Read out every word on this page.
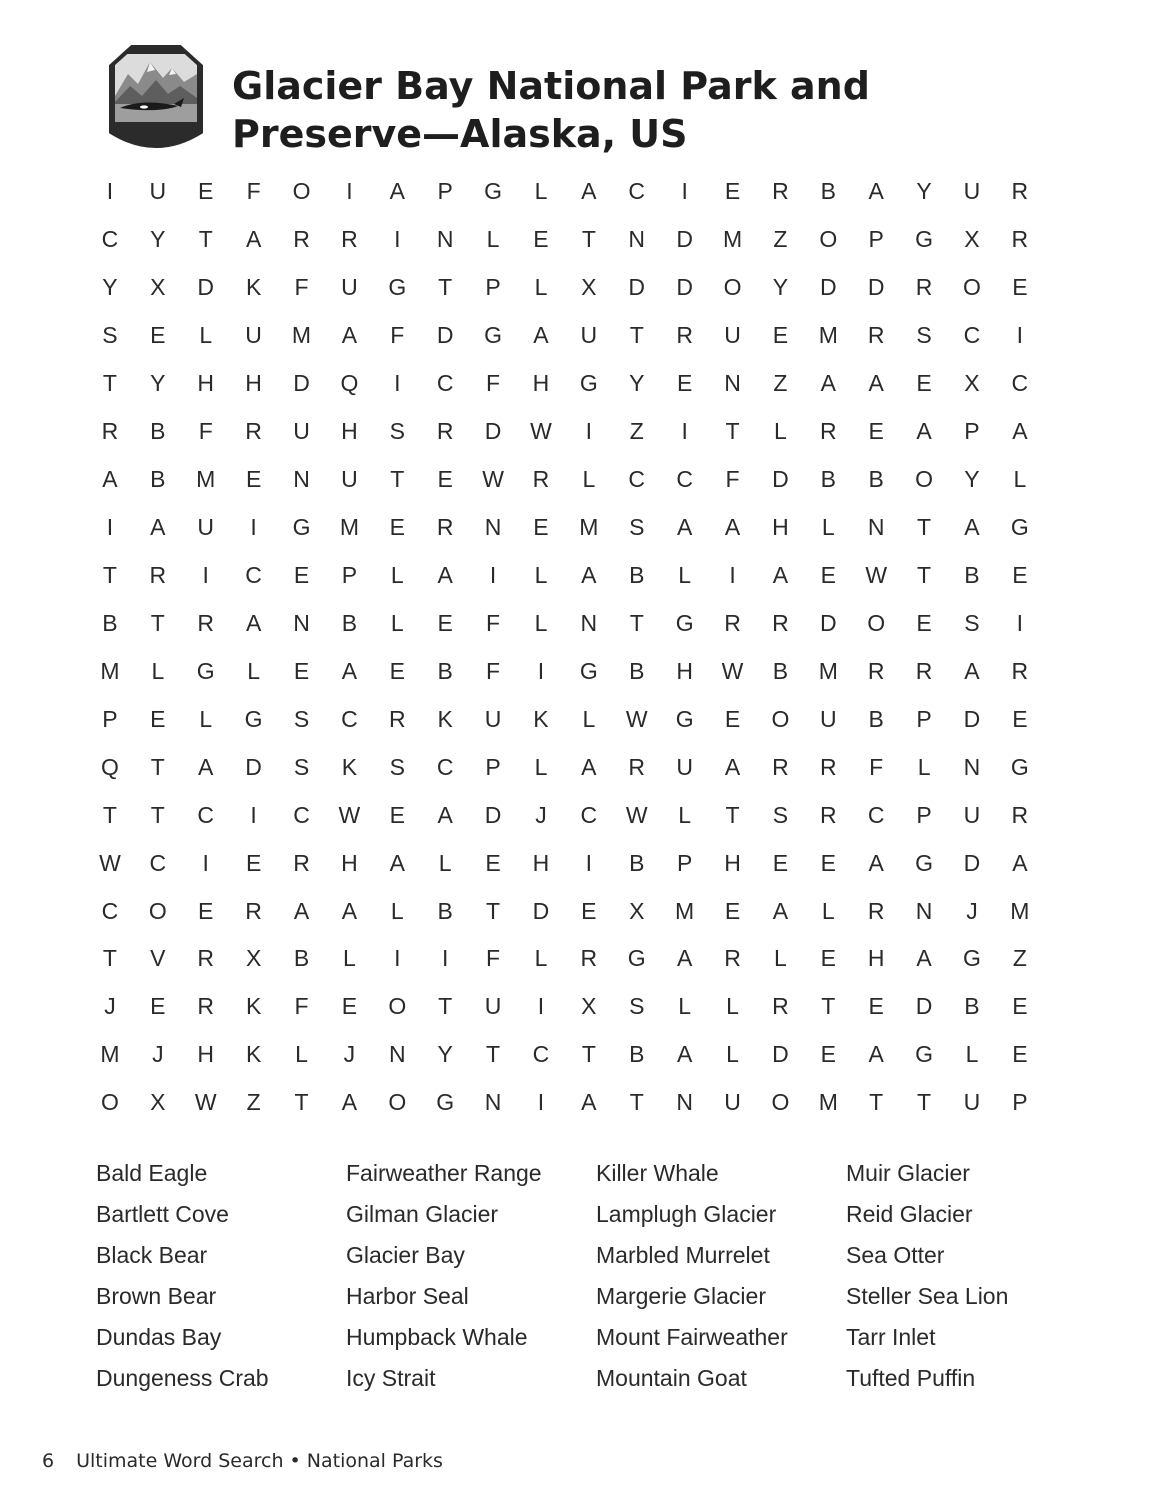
Glacier Bay National Park and
Preserve—Alaska, US
I	U	E	F	O	I	A	P	G	L	A	C	I	E	R	B	A	Y	U	R
C	Y	T	A	R	R	I	N	L	E	T	N	D	M	Z	O	P	G	X	R
Y	X	D	K	F	U	G	T	P	L	X	D	D	O	Y	D	D	R	O	E
S	E	L	U	M	A	F	D	G	A	U	T	R	U	E	M	R	S	C	I
T	Y	H	H	D	Q	I	C	F	H	G	Y	E	N	Z	A	A	E	X	C
R	B	F	R	U	H	S	R	D	W	I	Z	I	T	L	R	E	A	P	A
A	B	M	E	N	U	T	E	W	R	L	C	C	F	D	B	B	O	Y	L
I	A	U	I	G	M	E	R	N	E	M	S	A	A	H	L	N	T	A	G
T	R	I	C	E	P	L	A	I	L	A	B	L	I	A	E	W	T	B	E
B	T	R	A	N	B	L	E	F	L	N	T	G	R	R	D	O	E	S	I
M	L	G	L	E	A	E	B	F	I	G	B	H	W	B	M	R	R	A	R
P	E	L	G	S	C	R	K	U	K	L	W	G	E	O	U	B	P	D	E
Q	T	A	D	S	K	S	C	P	L	A	R	U	A	R	R	F	L	N	G
T	T	C	I	C	W	E	A	D	J	C	W	L	T	S	R	C	P	U	R
W	C	I	E	R	H	A	L	E	H	I	B	P	H	E	E	A	G	D	A
C	O	E	R	A	A	L	B	T	D	E	X	M	E	A	L	R	N	J	M
T	V	R	X	B	L	I	I	F	L	R	G	A	R	L	E	H	A	G	Z
J	E	R	K	F	E	O	T	U	I	X	S	L	L	R	T	E	D	B	E
M	J	H	K	L	J	N	Y	T	C	T	B	A	L	D	E	A	G	L	E
O	X	W	Z	T	A	O	G	N	I	A	T	N	U	O	M	T	T	U	P
Bald Eagle	Fairweather Range	Killer Whale	Muir Glacier
Bartlett Cove	Gilman Glacier	Lamplugh Glacier	Reid Glacier
Black Bear	Glacier Bay	Marbled Murrelet	Sea Otter
Brown Bear	Harbor Seal	Margerie Glacier	Steller Sea Lion
Dundas Bay	Humpback Whale	Mount Fairweather	Tarr Inlet
Dungeness Crab	Icy Strait	Mountain Goat	Tufted Puffin
6 Ultimate Word Search • National Parks
